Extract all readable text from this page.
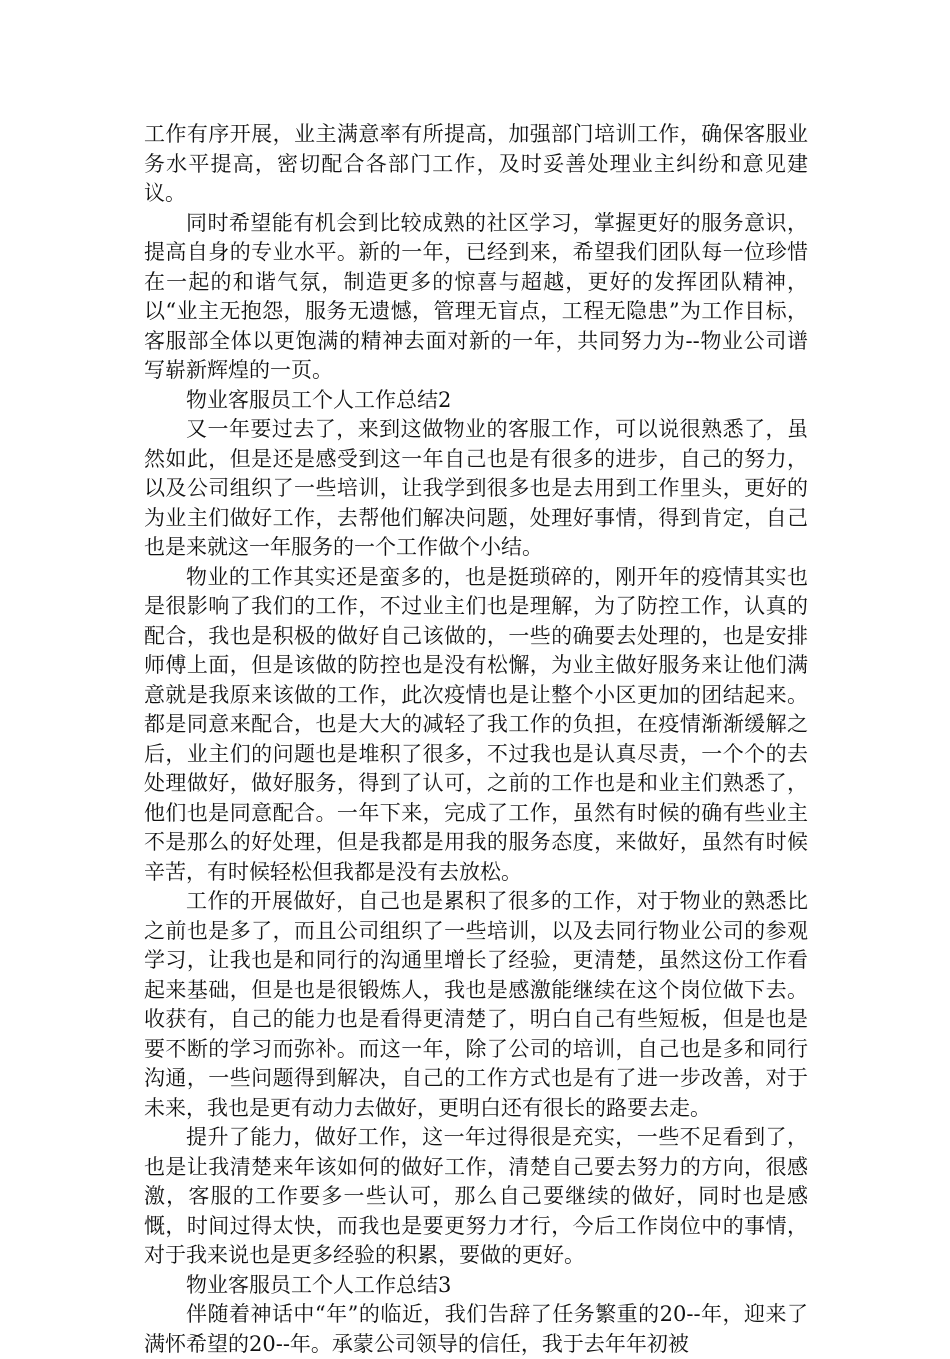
工作有序开展，业主满意率有所提高，加强部门培训工作，确保客服业务水平提高，密切配合各部门工作，及时妥善处理业主纠纷和意见建议。

同时希望能有机会到比较成熟的社区学习，掌握更好的服务意识，提高自身的专业水平。新的一年，已经到来，希望我们团队每一位珍惜在一起的和谐气氛，制造更多的惊喜与超越，更好的发挥团队精神，以“业主无抱怨，服务无遗憾，管理无盲点，工程无隐患”为工作目标，客服部全体以更饱满的精神去面对新的一年，共同努力为--物业公司谱写崭新辉煌的一页。

物业客服员工个人工作总结2

又一年要过去了，来到这做物业的客服工作，可以说很熟悉了，虽然如此，但是还是感受到这一年自己也是有很多的进步，自己的努力，以及公司组织了一些培训，让我学到很多也是去用到工作里头，更好的为业主们做好工作，去帮他们解决问题，处理好事情，得到肯定，自己也是来就这一年服务的一个工作做个小结。

物业的工作其实还是蛮多的，也是挺琐碎的，刚开年的疫情其实也是很影响了我们的工作，不过业主们也是理解，为了防控工作，认真的配合，我也是积极的做好自己该做的，一些的确要去处理的，也是安排师傅上面，但是该做的防控也是没有松懈，为业主做好服务来让他们满意就是我原来该做的工作，此次疫情也是让整个小区更加的团结起来。都是同意来配合，也是大大的减轻了我工作的负担，在疫情渐渐缓解之后，业主们的问题也是堆积了很多，不过我也是认真尽责，一个个的去处理做好，做好服务，得到了认可，之前的工作也是和业主们熟悉了，他们也是同意配合。一年下来，完成了工作，虽然有时候的确有些业主不是那么的好处理，但是我都是用我的服务态度，来做好，虽然有时候辛苦，有时候轻松但我都是没有去放松。

工作的开展做好，自己也是累积了很多的工作，对于物业的熟悉比之前也是多了，而且公司组织了一些培训，以及去同行物业公司的参观学习，让我也是和同行的沟通里增长了经验，更清楚，虽然这份工作看起来基础，但是也是很锻炼人，我也是感激能继续在这个岗位做下去。收获有，自己的能力也是看得更清楚了，明白自己有些短板，但是也是要不断的学习而弥补。而这一年，除了公司的培训，自己也是多和同行沟通，一些问题得到解决，自己的工作方式也是有了进一步改善，对于未来，我也是更有动力去做好，更明白还有很长的路要去走。

提升了能力，做好工作，这一年过得很是充实，一些不足看到了，也是让我清楚来年该如何的做好工作，清楚自己要去努力的方向，很感激，客服的工作要多一些认可，那么自己要继续的做好，同时也是感慨，时间过得太快，而我也是要更努力才行，今后工作岗位中的事情，对于我来说也是更多经验的积累，要做的更好。

物业客服员工个人工作总结3

伴随着神话中“年”的临近，我们告辞了任务繁重的20--年，迎来了满怀希望的20--年。承蒙公司领导的信任，我于去年年初被
